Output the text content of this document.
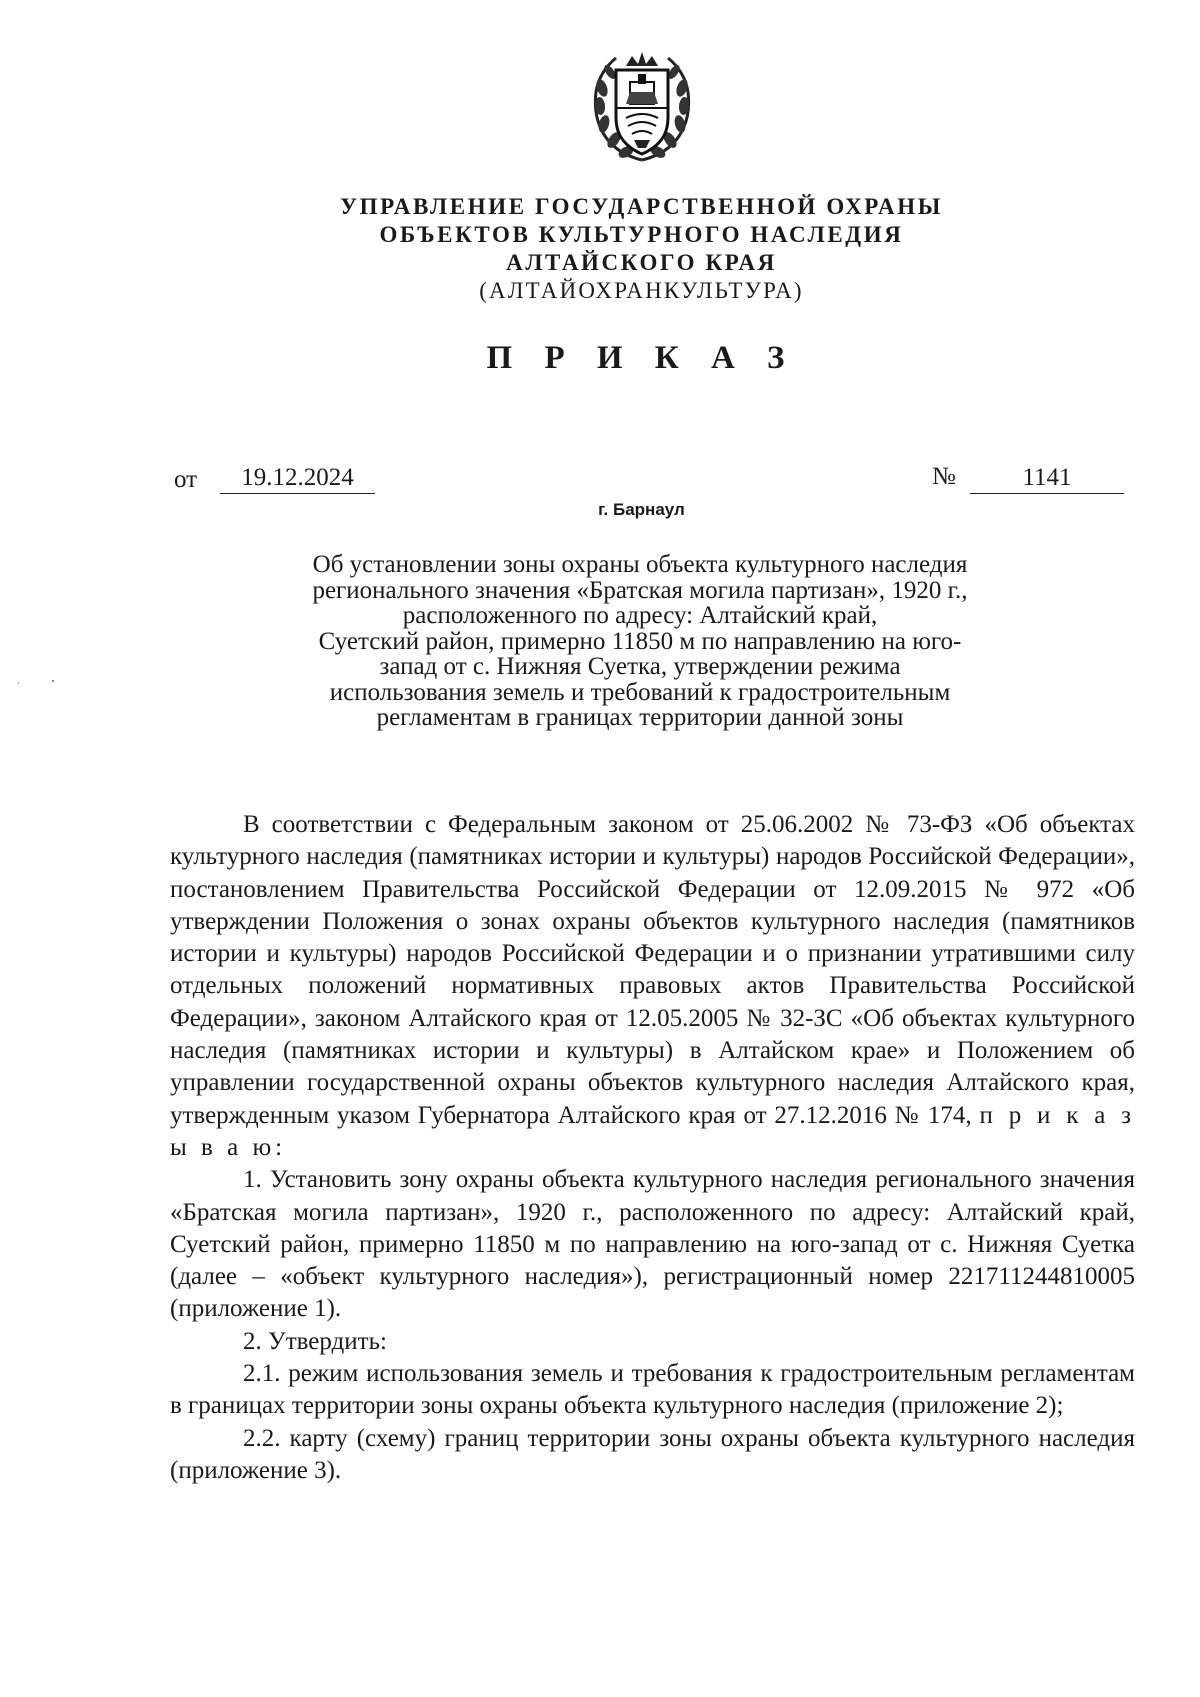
УПРАВЛЕНИЕ ГОСУДАРСТВЕННОЙ ОХРАНЫ
ОБЪЕКТОВ КУЛЬТУРНОГО НАСЛЕДИЯ
АЛТАЙСКОГО КРАЯ
(АЛТАЙОХРАНКУЛЬТУРА)
П Р И К А З
от	19.12.2024	№	1141
г. Барнаул
Об установлении зоны охраны объекта культурного наследия
регионального значения «Братская могила партизан», 1920 г.,
расположенного по адресу: Алтайский край,
Суетский район, примерно 11850 м по направлению на юго-
запад от с. Нижняя Суетка, утверждении режима
использования земель и требований к градостроительным
регламентам в границах территории данной зоны

В соответствии с Федеральным законом от 25.06.2002 № 73-ФЗ «Об объектах культурного наследия (памятниках истории и культуры) народов Российской Федерации», постановлением Правительства Российской Федерации от 12.09.2015 № 972 «Об утверждении Положения о зонах охраны объектов культурного наследия (памятников истории и культуры) народов Российской Федерации и о признании утратившими силу отдельных положений нормативных правовых актов Правительства Российской Федерации», законом Алтайского края от 12.05.2005 № 32-ЗС «Об объектах культурного наследия (памятниках истории и культуры) в Алтайском крае» и Положением об управлении государственной охраны объектов культурного наследия Алтайского края, утвержденным указом Губернатора Алтайского края от 27.12.2016 № 174, п р и к а з ы в а ю:

1. Установить зону охраны объекта культурного наследия регионального значения «Братская могила партизан», 1920 г., расположенного по адресу: Алтайский край, Суетский район, примерно 11850 м по направлению на юго-запад от с. Нижняя Суетка (далее – «объект культурного наследия»), регистрационный номер 221711244810005 (приложение 1).

2. Утвердить:

2.1. режим использования земель и требования к градостроительным регламентам в границах территории зоны охраны объекта культурного наследия (приложение 2);

2.2. карту (схему) границ территории зоны охраны объекта культурного наследия (приложение 3).
